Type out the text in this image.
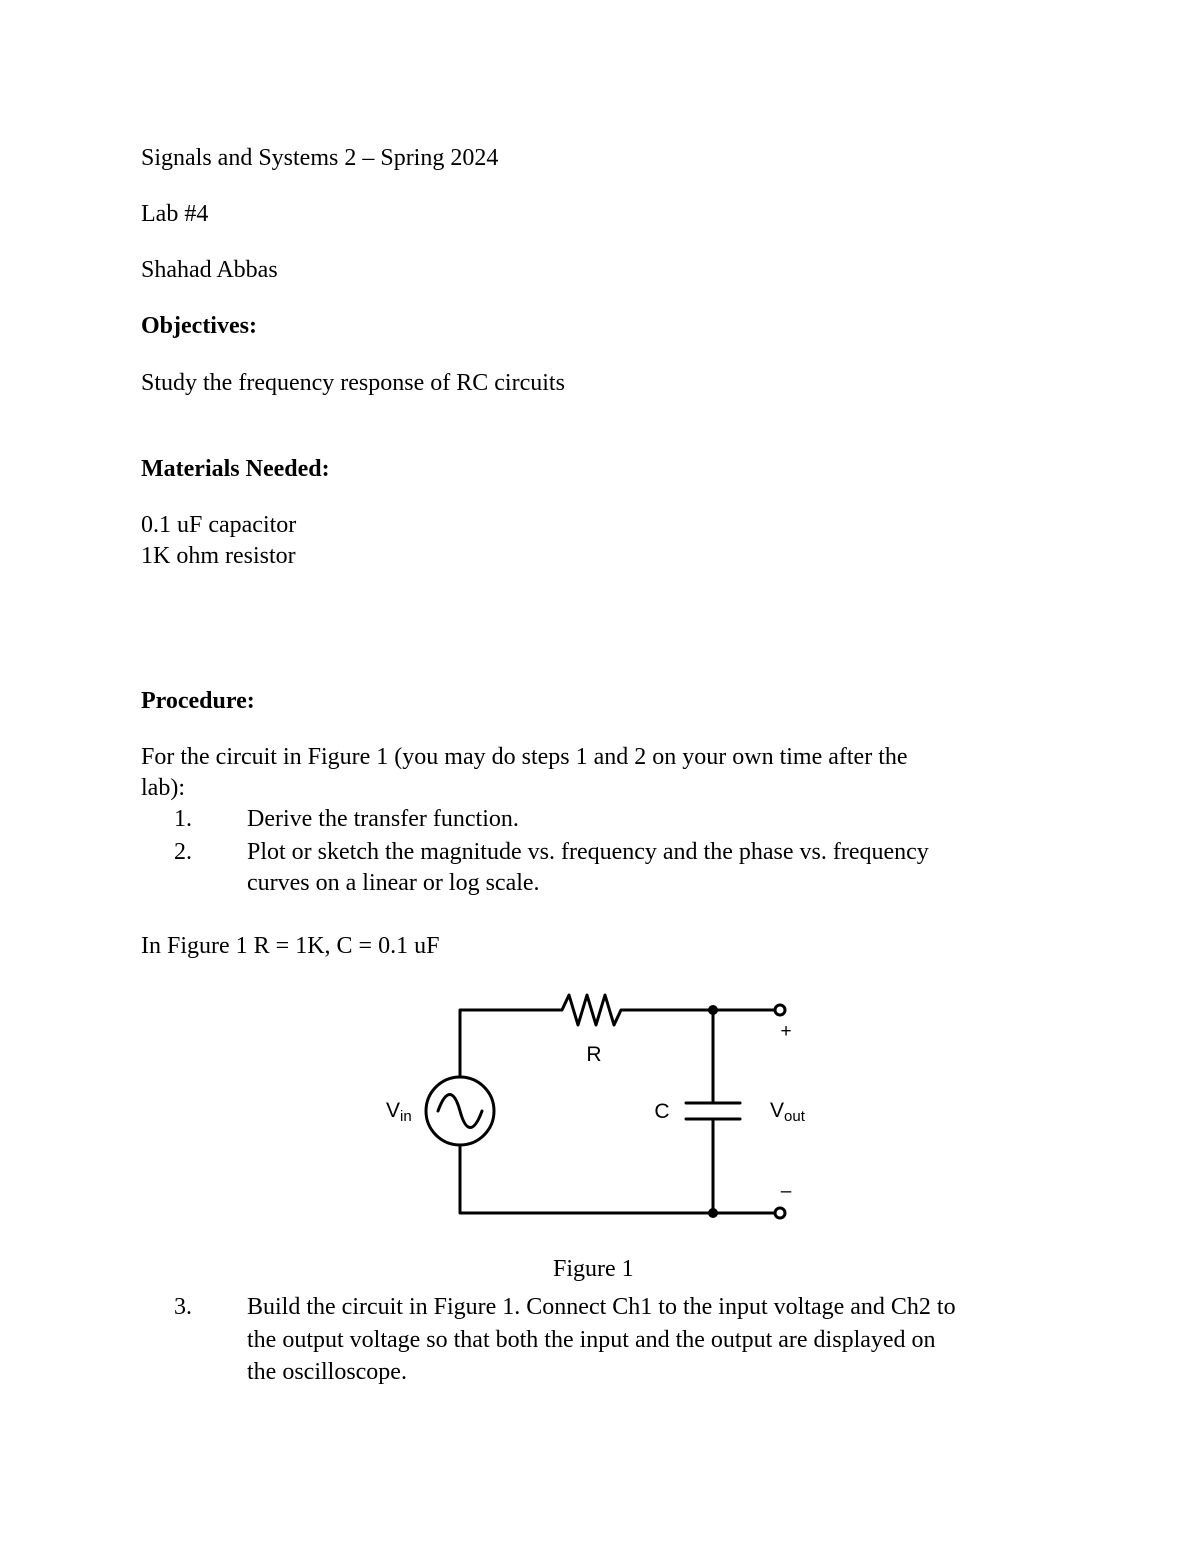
Signals and Systems 2 – Spring 2024

Lab #4

Shahad Abbas

Objectives:

Study the frequency response of RC circuits

Materials Needed:

0.1 uF capacitor

1K ohm resistor

Procedure:

For the circuit in Figure 1 (you may do steps 1 and 2 on your own time after the

lab):

1. Derive the transfer function.
2. Plot or sketch the magnitude vs. frequency and the phase vs. frequency
curves on a linear or log scale.

In Figure 1 R = 1K, C = 0.1 uF

R
C
+
–
Vin	Vout

Figure 1

3. Build the circuit in Figure 1. Connect Ch1 to the input voltage and Ch2 to
the output voltage so that both the input and the output are displayed on
the oscilloscope.
